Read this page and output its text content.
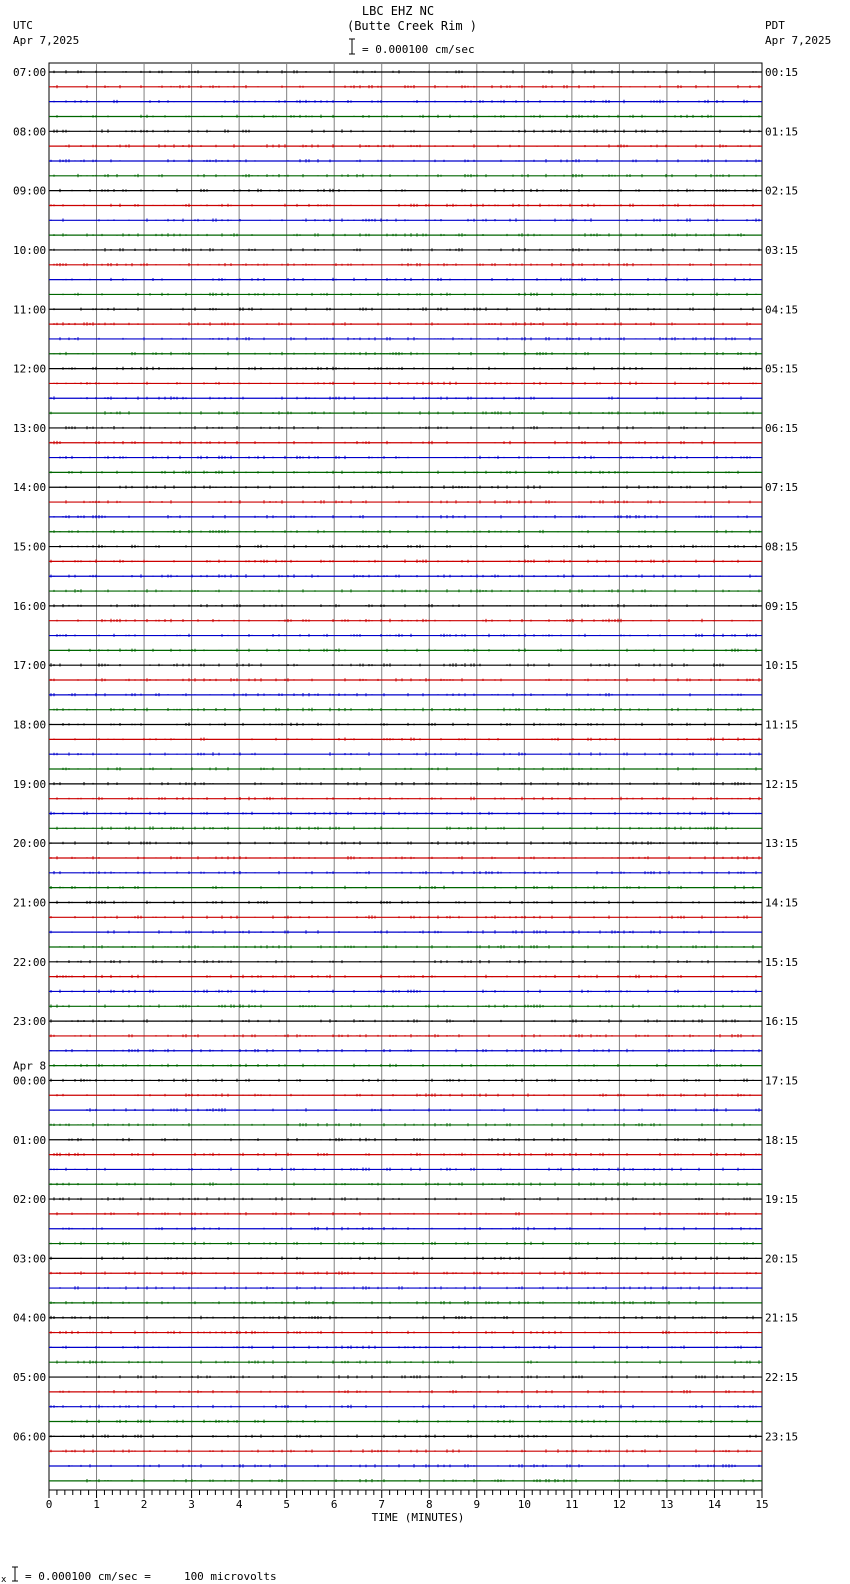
LBC EHZ NC
(Butte Creek Rim )
= 0.000100 cm/sec
UTC
Apr 7,2025
PDT
Apr 7,2025
TIME (MINUTES)
x = 0.000100 cm/sec =     100 microvolts
07:00	00:15
08:00	01:15
09:00	02:15
10:00	03:15
11:00	04:15
12:00	05:15
13:00	06:15
14:00	07:15
15:00	08:15
16:00	09:15
17:00	10:15
18:00	11:15
19:00	12:15
20:00	13:15
21:00	14:15
22:00	15:15
23:00	16:15
00:00	17:15
Apr 8
01:00	18:15
02:00	19:15
03:00	20:15
04:00	21:15
05:00	22:15
06:00	23:15
0	1	2	3	4	5	6	7	8	9	10	11	12	13	14	15
